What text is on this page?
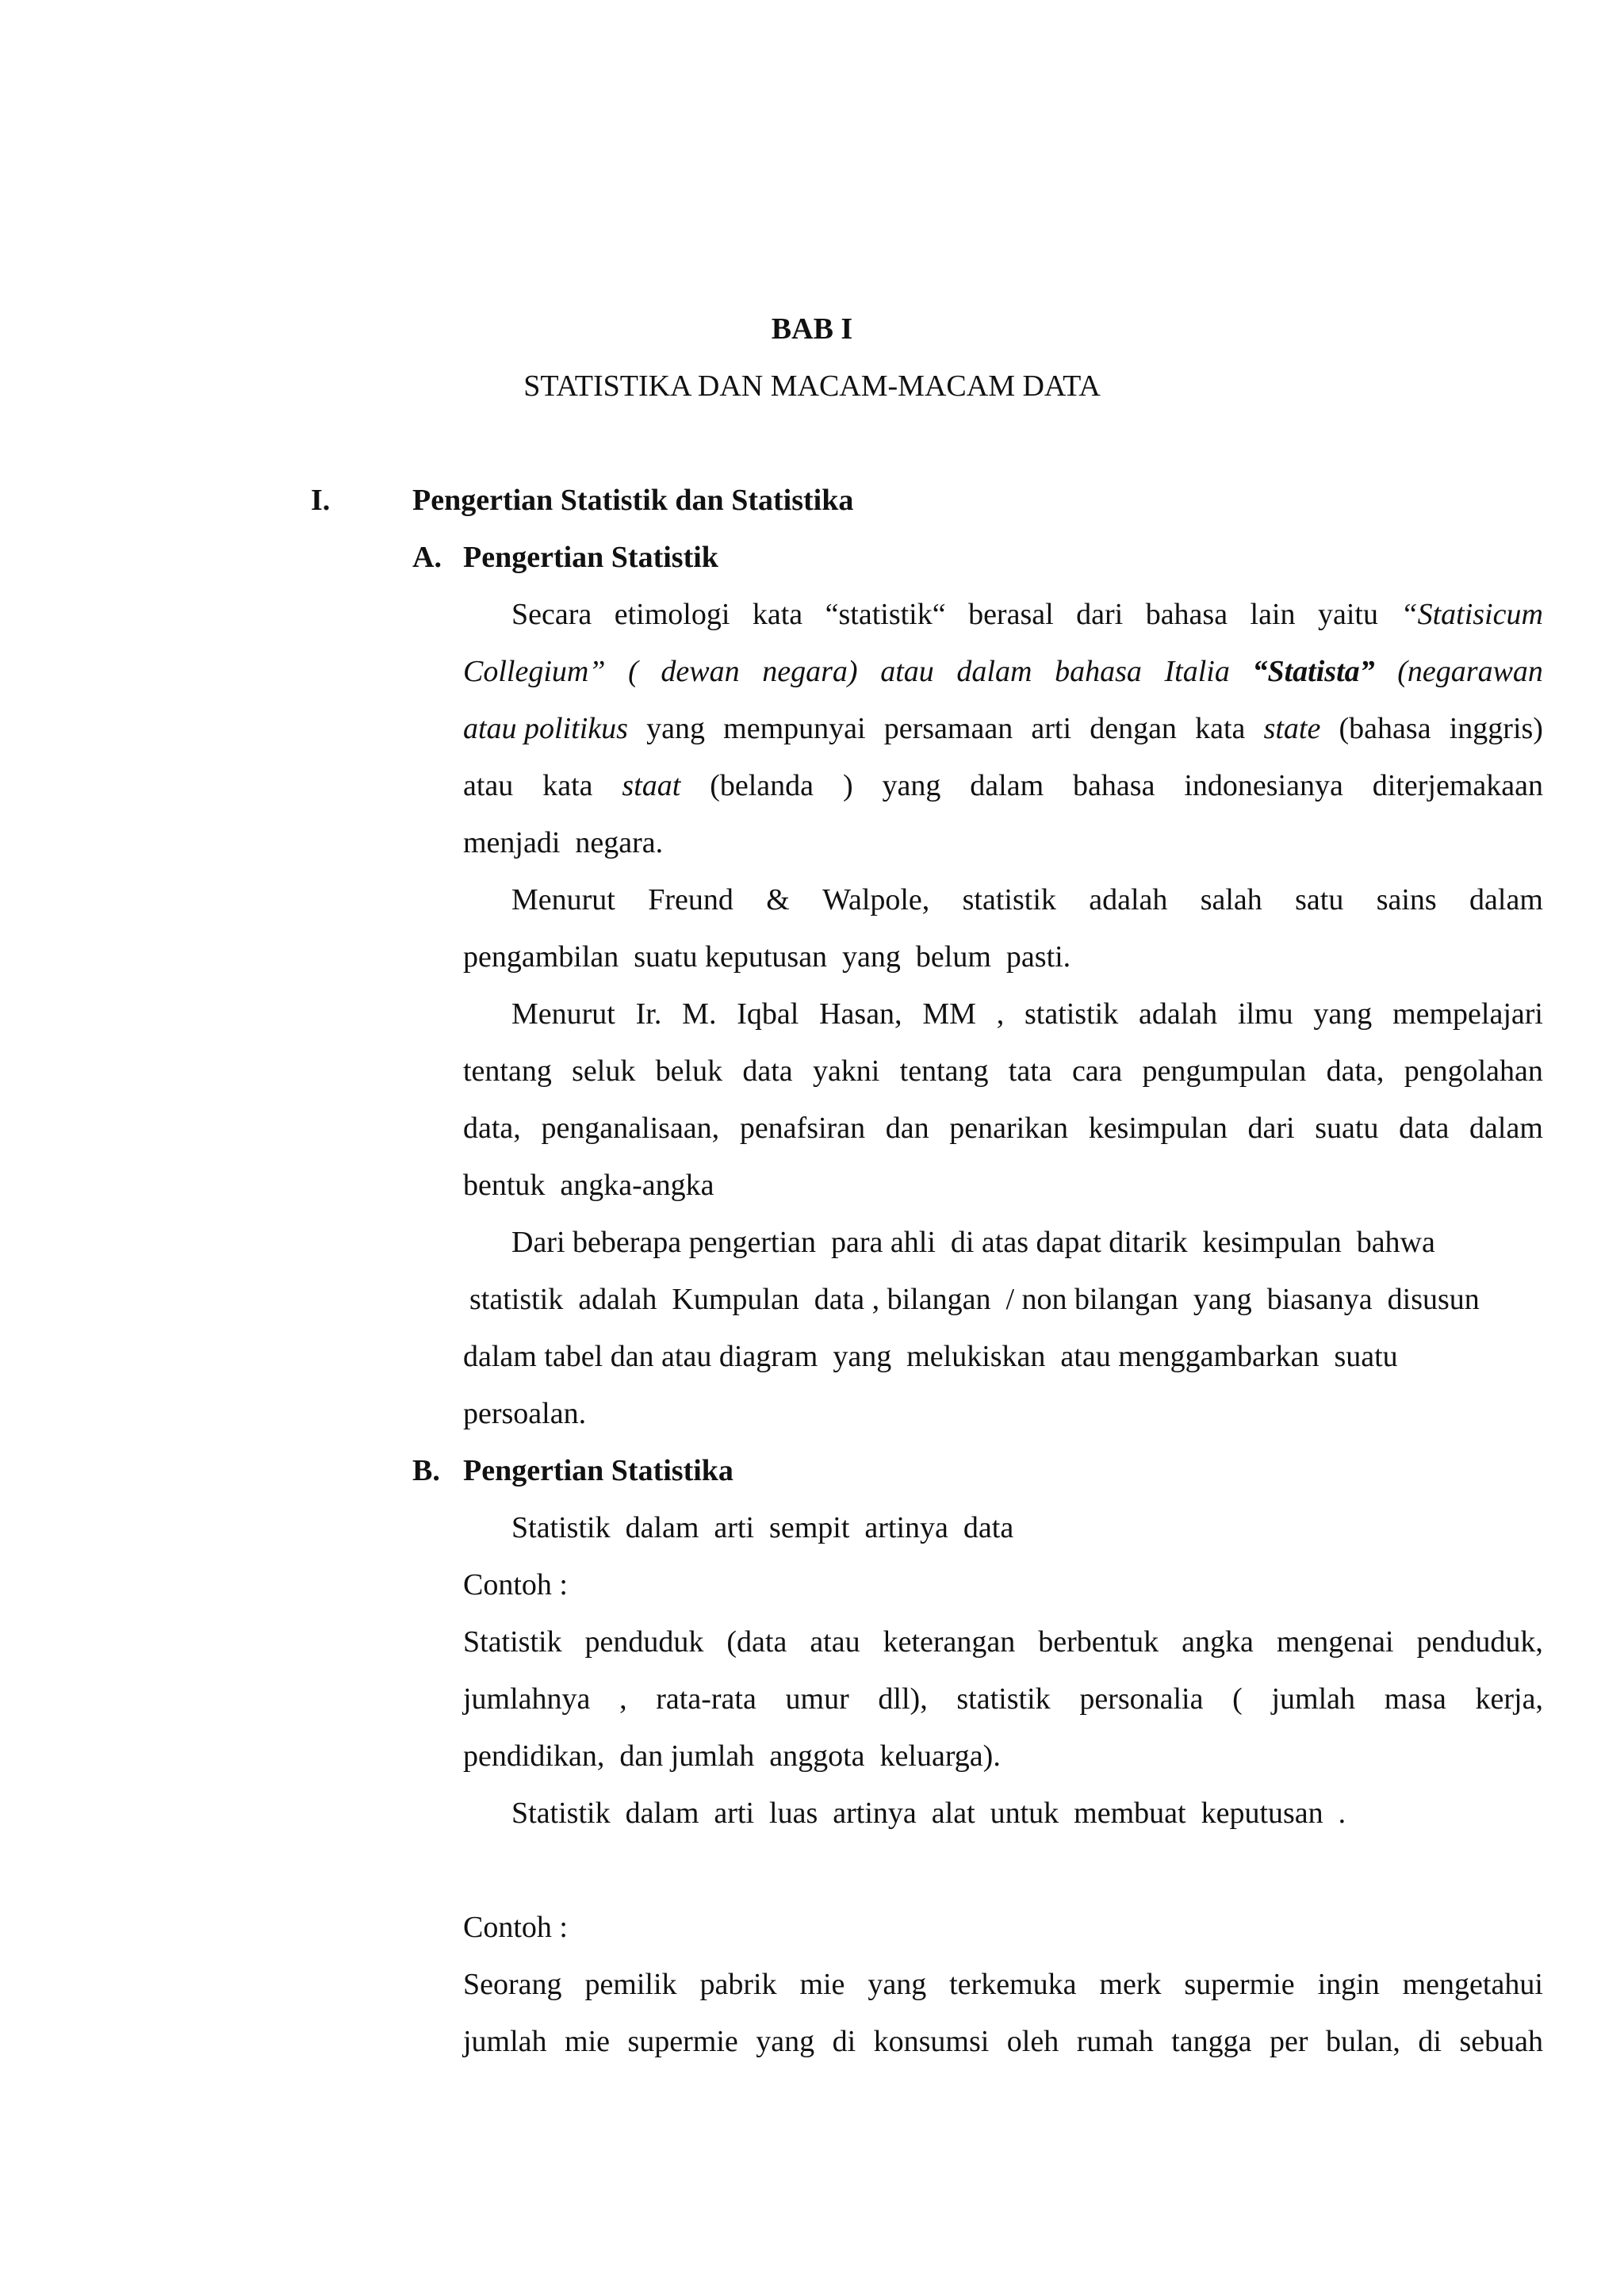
BAB I
STATISTIKA DAN MACAM-MACAM DATA
I.	Pengertian Statistik dan Statistika
A. Pengertian Statistik
Secara etimologi kata “statistik“ berasal dari bahasa lain yaitu “Statisicum
Collegium” ( dewan negara) atau dalam bahasa Italia “Statista” (negarawan
atau politikus yang mempunyai persamaan arti dengan kata state (bahasa inggris)
atau kata staat (belanda ) yang dalam bahasa indonesianya diterjemakaan
menjadi  negara.
Menurut Freund & Walpole, statistik adalah salah satu sains dalam
pengambilan  suatu keputusan  yang  belum  pasti.
Menurut Ir. M. Iqbal Hasan, MM , statistik adalah ilmu yang mempelajari
tentang seluk beluk data yakni tentang tata cara pengumpulan data, pengolahan
data, penganalisaan, penafsiran dan penarikan kesimpulan dari suatu data dalam
bentuk  angka-angka
Dari beberapa pengertian  para ahli  di atas dapat ditarik  kesimpulan  bahwa
statistik  adalah  Kumpulan  data , bilangan  / non bilangan  yang  biasanya  disusun
dalam tabel dan atau diagram  yang  melukiskan  atau menggambarkan  suatu
persoalan.
B. Pengertian Statistika
Statistik  dalam  arti  sempit  artinya  data
Contoh :
Statistik penduduk (data atau keterangan berbentuk angka mengenai penduduk,
jumlahnya , rata-rata umur dll), statistik personalia ( jumlah masa kerja,
pendidikan,  dan jumlah  anggota  keluarga).
Statistik  dalam  arti  luas  artinya  alat  untuk  membuat  keputusan  .
Contoh :
Seorang pemilik pabrik mie yang terkemuka merk supermie ingin mengetahui
jumlah mie supermie yang di konsumsi oleh rumah tangga per bulan, di sebuah
